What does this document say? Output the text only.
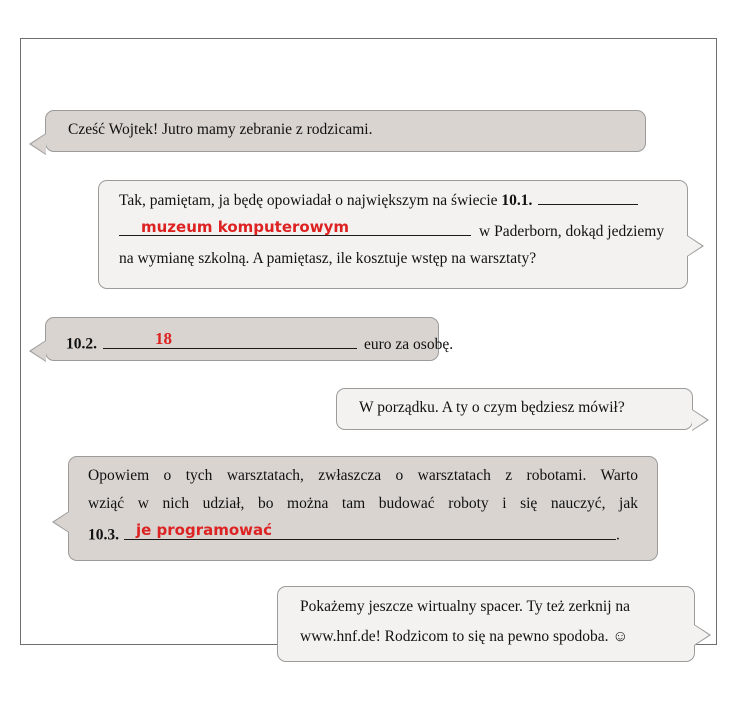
Cześć Wojtek! Jutro mamy zebranie z rodzicami.
Tak, pamiętam, ja będę opowiadał o największym na świecie 10.1.
muzeum komputerowym	w Paderborn, dokąd jedziemy
na wymianę szkolną. A pamiętasz, ile kosztuje wstęp na warsztaty?
10.2.	18	euro za osobę.
W porządku. A ty o czym będziesz mówił?
Opowiem o tych warsztatach, zwłaszcza o warsztatach z robotami. Warto
wziąć w nich udział, bo można tam budować roboty i się nauczyć, jak
10.3. je programować	.
Pokażemy jeszcze wirtualny spacer. Ty też zerknij na
www.hnf.de! Rodzicom to się na pewno spodoba. ☺
